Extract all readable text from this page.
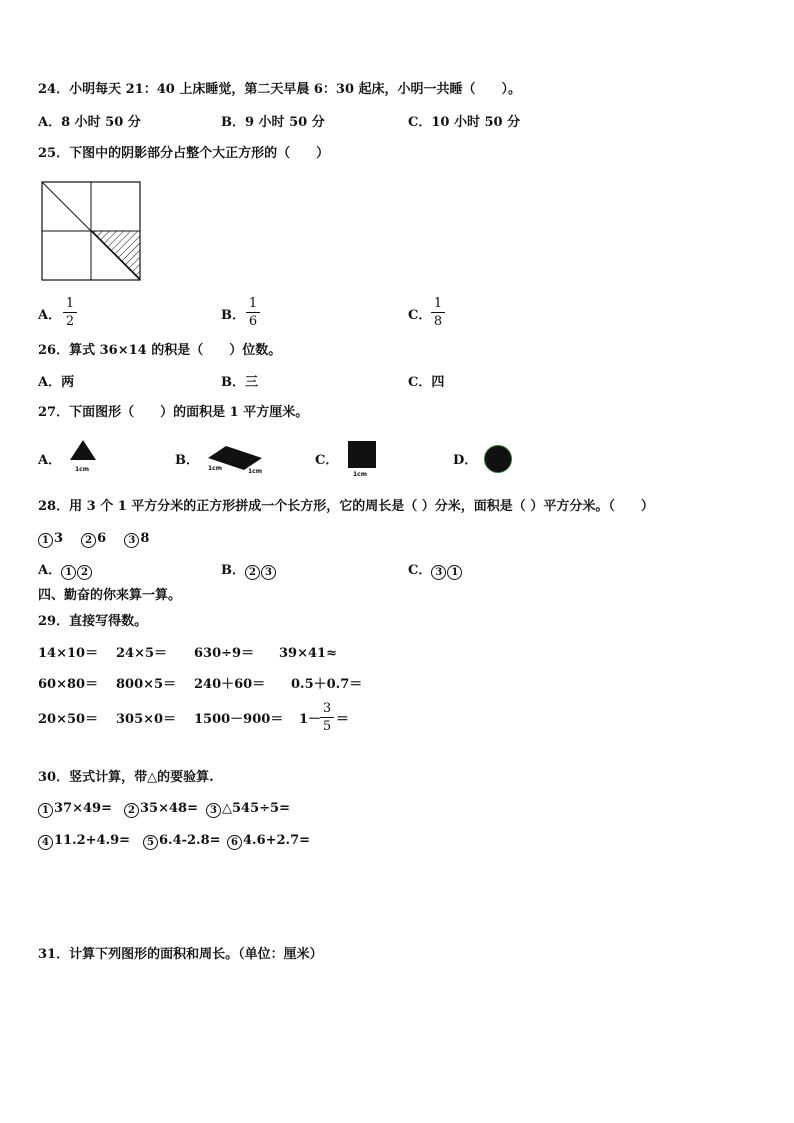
24．小明每天 21：40 上床睡觉，第二天早晨 6：30 起床，小明一共睡（　　）。
A．8 小时 50 分	B．9 小时 50 分	C．10 小时 50 分
25．下图中的阴影部分占整个大正方形的（　　）
A．
1
2	B．
1
6	C．
1
8
26．算式 36×14 的积是（　　）位数。
A．两	B．三	C．四
27．下面图形（　　）的面积是 1 平方厘米。
A．
1cm
B．
1cm	1cm
C．
1cm
D．
28．用 3 个 1 平方分米的正方形拼成一个长方形，它的周长是（ ）分米，面积是（ ）平方分米。（　　）
1 3 2 6 3 8
A． 1 2	B． 2 3	C． 3 1
四、勤奋的你来算一算。
29．直接写得数。
14×10＝ 24×5＝ 630÷9＝ 39×41≈
60×80＝ 800×5＝ 240＋60＝ 0.5＋0.7＝
20×50＝ 305×0＝ 1500－900＝ 1－
3
5 ＝
30．竖式计算，带△的要验算.
1 37×49=	2 35×48=	3 △545÷5=
4 11.2+4.9=	5 6.4-2.8=	6 4.6+2.7=
31．计算下列图形的面积和周长。（单位：厘米）
